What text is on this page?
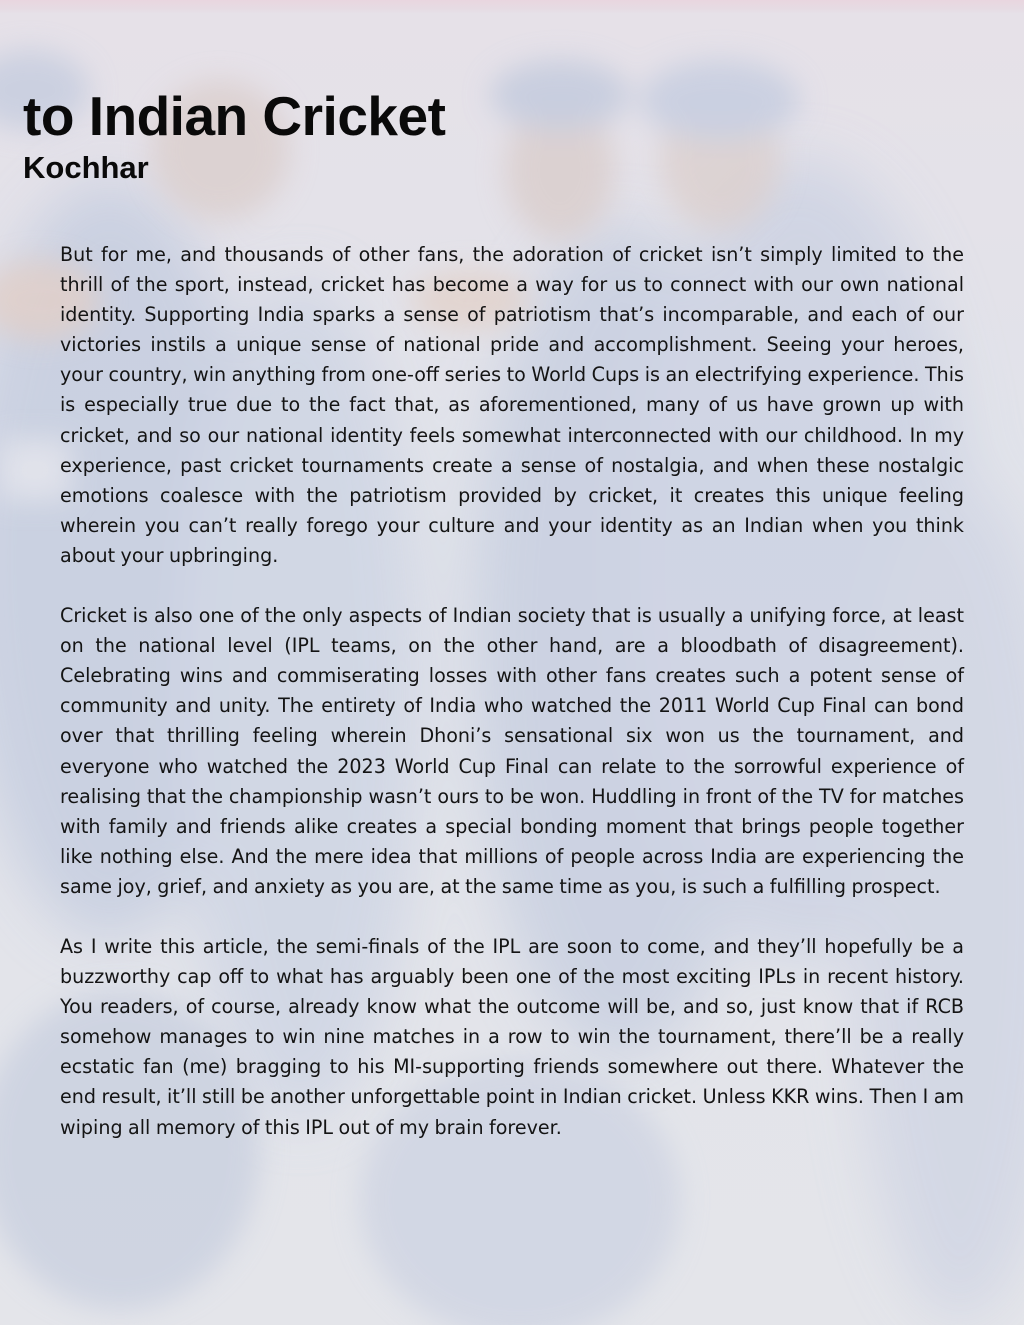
to Indian Cricket
Kochhar

But for me, and thousands of other fans, the adoration of cricket isn’t simply limited to the thrill of the sport, instead, cricket has become a way for us to connect with our own national identity. Supporting India sparks a sense of patriotism that’s incomparable, and each of our victories instils a unique sense of national pride and accomplishment. Seeing your heroes, your country, win anything from one-off series to World Cups is an electrifying experience. This is especially true due to the fact that, as aforementioned, many of us have grown up with cricket, and so our national identity feels somewhat interconnected with our childhood. In my experience, past cricket tournaments create a sense of nostalgia, and when these nostalgic emotions coalesce with the patriotism provided by cricket, it creates this unique feeling wherein you can’t really forego your culture and your identity as an Indian when you think about your upbringing.

Cricket is also one of the only aspects of Indian society that is usually a unifying force, at least on the national level (IPL teams, on the other hand, are a bloodbath of disagreement). Celebrating wins and commiserating losses with other fans creates such a potent sense of community and unity. The entirety of India who watched the 2011 World Cup Final can bond over that thrilling feeling wherein Dhoni’s sensational six won us the tournament, and everyone who watched the 2023 World Cup Final can relate to the sorrowful experience of realising that the championship wasn’t ours to be won. Huddling in front of the TV for matches with family and friends alike creates a special bonding moment that brings people together like nothing else. And the mere idea that millions of people across India are experiencing the same joy, grief, and anxiety as you are, at the same time as you, is such a fulfilling prospect.

As I write this article, the semi-finals of the IPL are soon to come, and they’ll hopefully be a buzzworthy cap off to what has arguably been one of the most exciting IPLs in recent history. You readers, of course, already know what the outcome will be, and so, just know that if RCB somehow manages to win nine matches in a row to win the tournament, there’ll be a really ecstatic fan (me) bragging to his MI-supporting friends somewhere out there. Whatever the end result, it’ll still be another unforgettable point in Indian cricket. Unless KKR wins. Then I am wiping all memory of this IPL out of my brain forever.
